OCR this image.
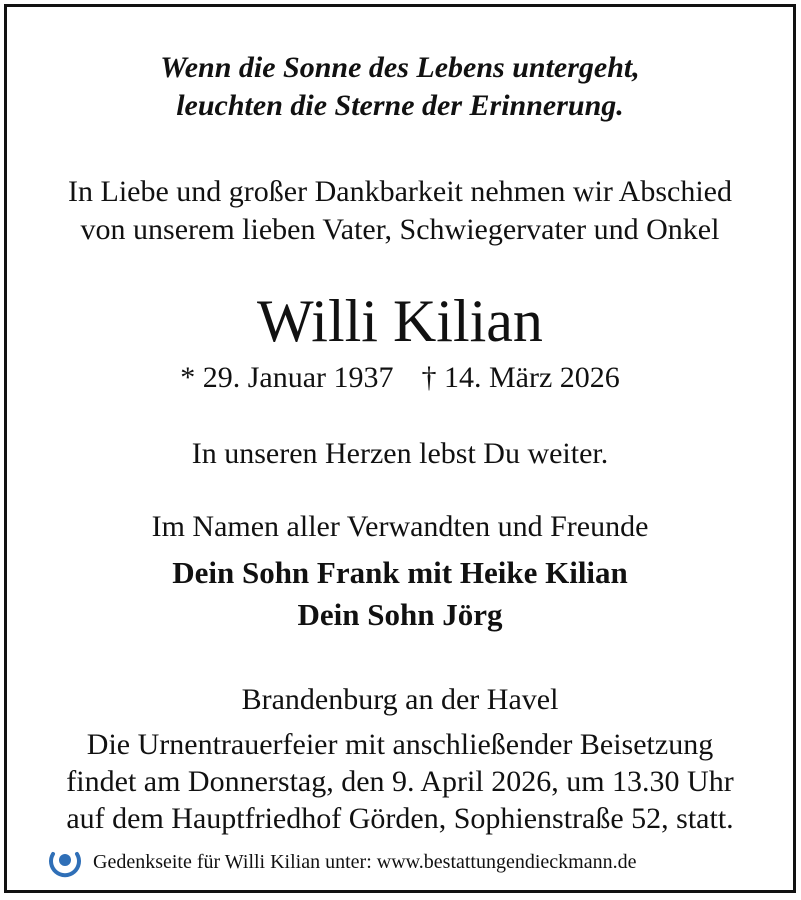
Wenn die Sonne des Lebens untergeht,
leuchten die Sterne der Erinnerung.
In Liebe und großer Dankbarkeit nehmen wir Abschied
von unserem lieben Vater, Schwiegervater und Onkel
Willi Kilian
* 29. Januar 1937 † 14. März 2026
In unseren Herzen lebst Du weiter.
Im Namen aller Verwandten und Freunde
Dein Sohn Frank mit Heike Kilian
Dein Sohn Jörg
Brandenburg an der Havel
Die Urnentrauerfeier mit anschließender Beisetzung
findet am Donnerstag, den 9. April 2026, um 13.30 Uhr
auf dem Hauptfriedhof Görden, Sophienstraße 52, statt.
Gedenkseite für Willi Kilian unter: www.bestattungendieckmann.de
